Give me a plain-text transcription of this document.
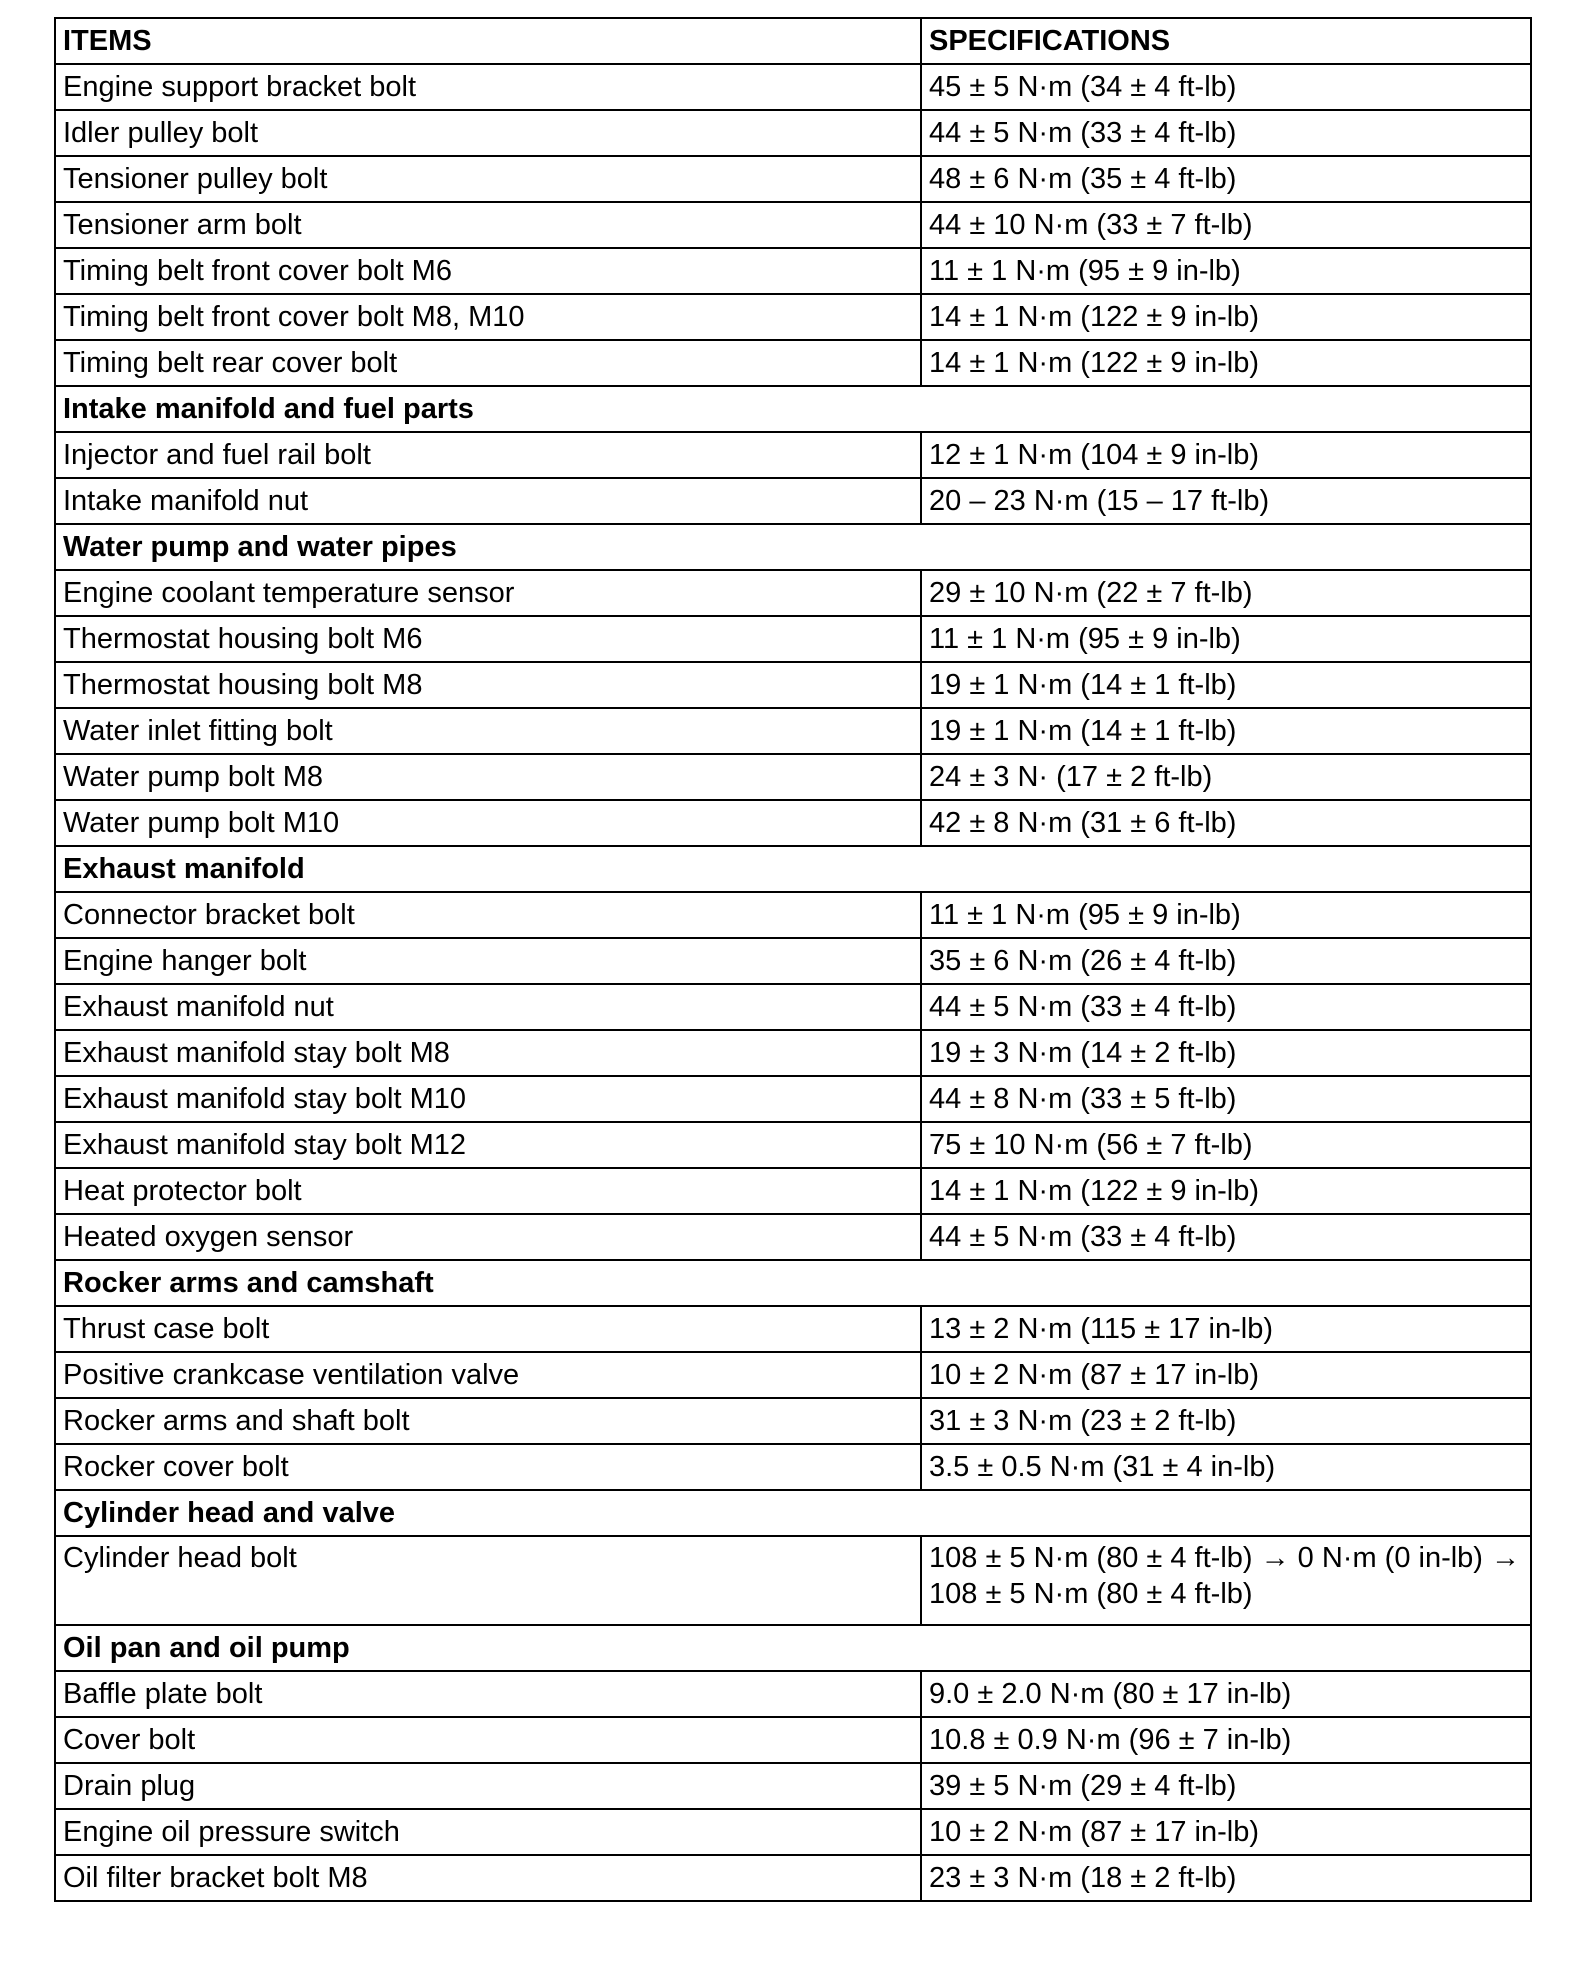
ITEMS	SPECIFICATIONS
Engine support bracket bolt	45 ± 5 N·m (34 ± 4 ft-lb)
Idler pulley bolt	44 ± 5 N·m (33 ± 4 ft-lb)
Tensioner pulley bolt	48 ± 6 N·m (35 ± 4 ft-lb)
Tensioner arm bolt	44 ± 10 N·m (33 ± 7 ft-lb)
Timing belt front cover bolt M6	11 ± 1 N·m (95 ± 9 in-lb)
Timing belt front cover bolt M8, M10	14 ± 1 N·m (122 ± 9 in-lb)
Timing belt rear cover bolt	14 ± 1 N·m (122 ± 9 in-lb)
Intake manifold and fuel parts	
Injector and fuel rail bolt	12 ± 1 N·m (104 ± 9 in-lb)
Intake manifold nut	20 – 23 N·m (15 – 17 ft-lb)
Water pump and water pipes	
Engine coolant temperature sensor	29 ± 10 N·m (22 ± 7 ft-lb)
Thermostat housing bolt M6	11 ± 1 N·m (95 ± 9 in-lb)
Thermostat housing bolt M8	19 ± 1 N·m (14 ± 1 ft-lb)
Water inlet fitting bolt	19 ± 1 N·m (14 ± 1 ft-lb)
Water pump bolt M8	24 ± 3 N· (17 ± 2 ft-lb)
Water pump bolt M10	42 ± 8 N·m (31 ± 6 ft-lb)
Exhaust manifold	
Connector bracket bolt	11 ± 1 N·m (95 ± 9 in-lb)
Engine hanger bolt	35 ± 6 N·m (26 ± 4 ft-lb)
Exhaust manifold nut	44 ± 5 N·m (33 ± 4 ft-lb)
Exhaust manifold stay bolt M8	19 ± 3 N·m (14 ± 2 ft-lb)
Exhaust manifold stay bolt M10	44 ± 8 N·m (33 ± 5 ft-lb)
Exhaust manifold stay bolt M12	75 ± 10 N·m (56 ± 7 ft-lb)
Heat protector bolt	14 ± 1 N·m (122 ± 9 in-lb)
Heated oxygen sensor	44 ± 5 N·m (33 ± 4 ft-lb)
Rocker arms and camshaft	
Thrust case bolt	13 ± 2 N·m (115 ± 17 in-lb)
Positive crankcase ventilation valve	10 ± 2 N·m (87 ± 17 in-lb)
Rocker arms and shaft bolt	31 ± 3 N·m (23 ± 2 ft-lb)
Rocker cover bolt	3.5 ± 0.5 N·m (31 ± 4 in-lb)
Cylinder head and valve	
Cylinder head bolt	108 ± 5 N·m (80 ± 4 ft-lb) → 0 N·m (0 in-lb) → 108 ± 5 N·m (80 ± 4 ft-lb)
Oil pan and oil pump	
Baffle plate bolt	9.0 ± 2.0 N·m (80 ± 17 in-lb)
Cover bolt	10.8 ± 0.9 N·m (96 ± 7 in-lb)
Drain plug	39 ± 5 N·m (29 ± 4 ft-lb)
Engine oil pressure switch	10 ± 2 N·m (87 ± 17 in-lb)
Oil filter bracket bolt M8	23 ± 3 N·m (18 ± 2 ft-lb)
